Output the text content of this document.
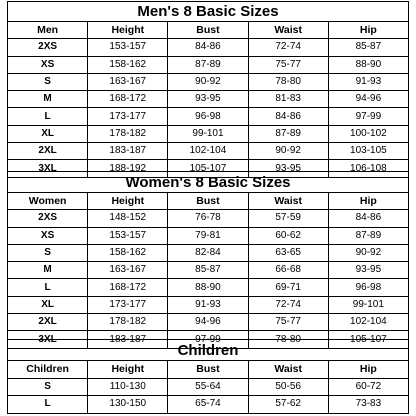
Men's 8 Basic Sizes				
Men	Height	Bust	Waist	Hip
2XS	153-157	84-86	72-74	85-87
XS	158-162	87-89	75-77	88-90
S	163-167	90-92	78-80	91-93
M	168-172	93-95	81-83	94-96
L	173-177	96-98	84-86	97-99
XL	178-182	99-101	87-89	100-102
2XL	183-187	102-104	90-92	103-105
3XL	188-192	105-107	93-95	106-108
Women's 8 Basic Sizes				
Women	Height	Bust	Waist	Hip
2XS	148-152	76-78	57-59	84-86
XS	153-157	79-81	60-62	87-89
S	158-162	82-84	63-65	90-92
M	163-167	85-87	66-68	93-95
L	168-172	88-90	69-71	96-98
XL	173-177	91-93	72-74	99-101
2XL	178-182	94-96	75-77	102-104
3XL	183-187	97-99	78-80	105-107
Children				
Children	Height	Bust	Waist	Hip
S	110-130	55-64	50-56	60-72
L	130-150	65-74	57-62	73-83
